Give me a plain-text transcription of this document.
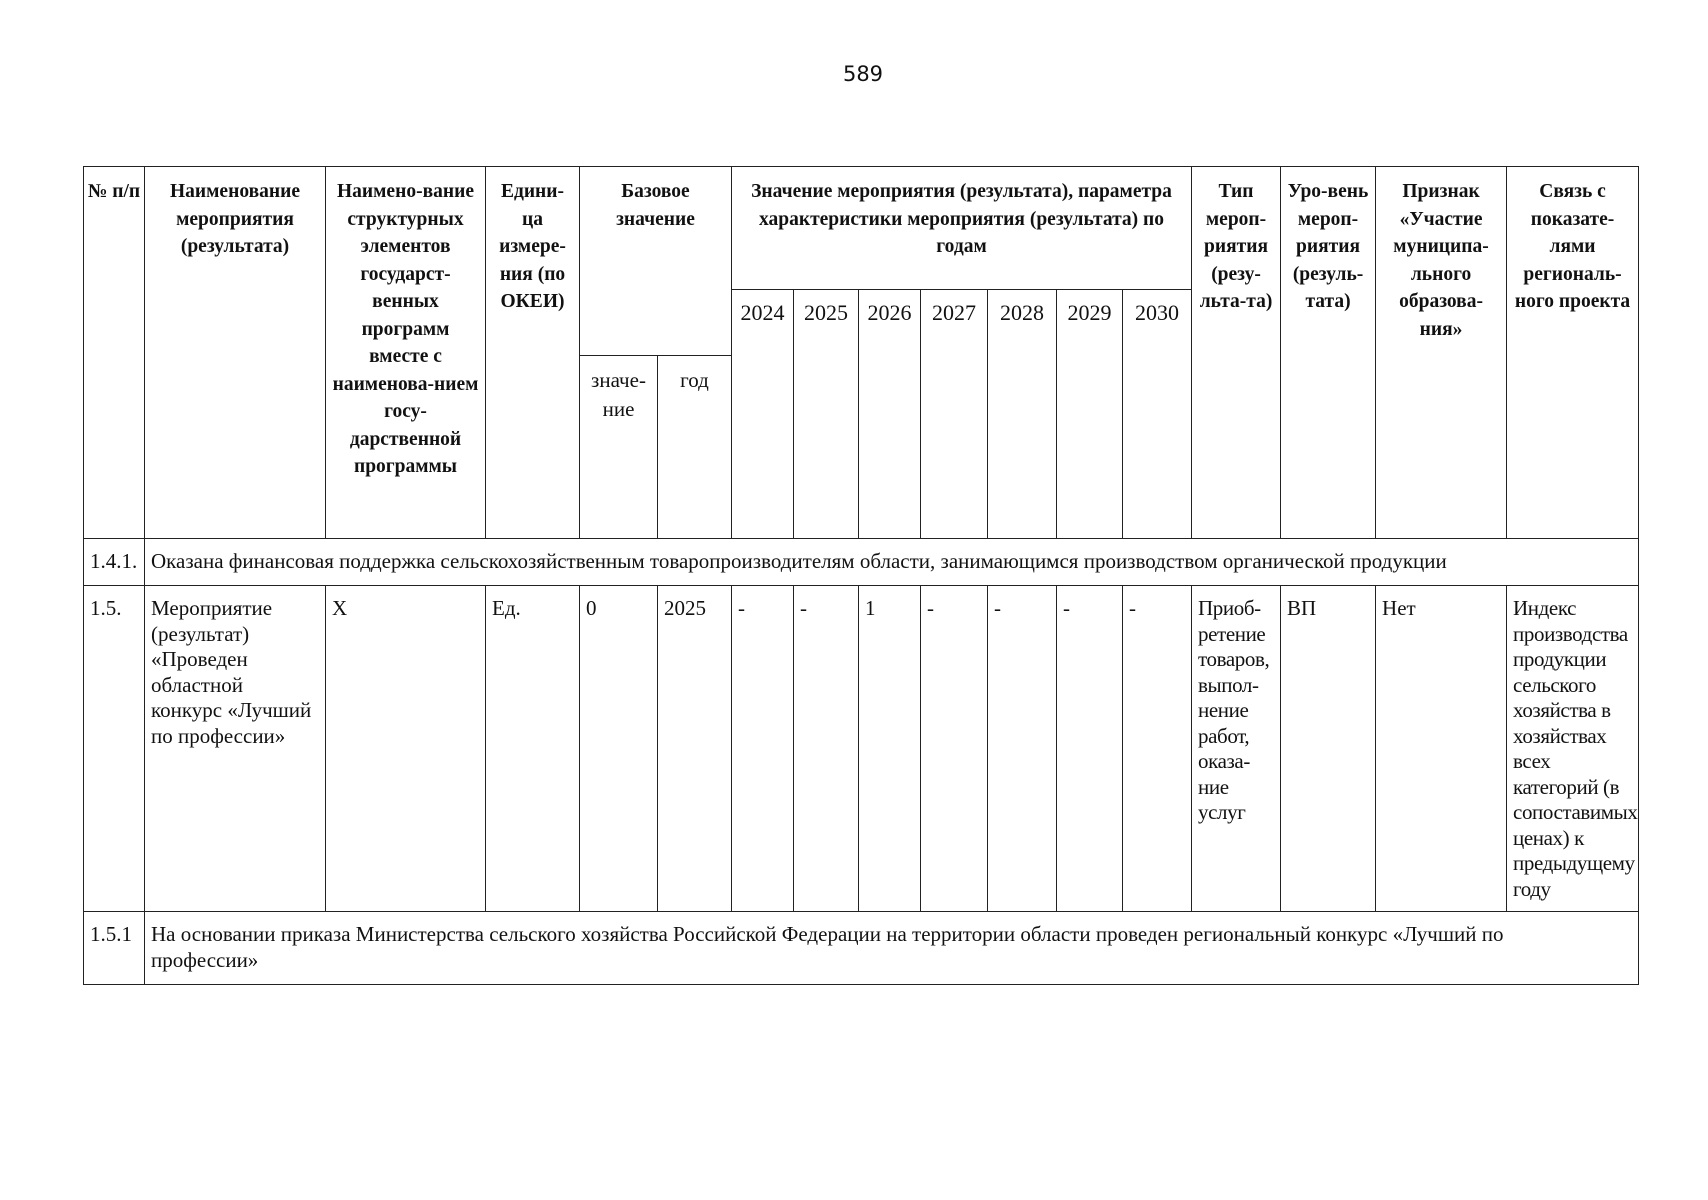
589
№ п/п	Наименование мероприятия (результата)	Наимено-вание структурных элементов государст-венных программ вместе с наименова-нием госу-дарственной программы	Едини-ца измере-ния (по ОКЕИ)	Базовое значение		Значение мероприятия (результата), параметра характеристики мероприятия (результата) по годам							Тип мероп-риятия (резу-льта-та)	Уро-вень мероп-риятия (резуль-тата)	Признак «Участие муниципа-льного образова-ния»	Связь с показате-лями региональ-ного проекта
						2024	2025	2026	2027	2028	2029	2030				
				значе-ние	год											
1.4.1.	Оказана финансовая поддержка сельскохозяйственным товаропроизводителям области, занимающимся производством органической продукции															
1.5.	Мероприятие (результат) «Проведен областной конкурс «Лучший по профессии»	Х	Ед.	0	2025	-	-	1	-	-	-	-	Приоб-ретение товаров, выпол-нение работ, оказа-ние услуг	ВП	Нет	Индекс производства продукции сельского хозяйства в хозяйствах всех категорий (в сопоставимых ценах) к предыдущему году
1.5.1	На основании приказа Министерства сельского хозяйства Российской Федерации на территории области проведен региональный конкурс «Лучший по профессии»															
